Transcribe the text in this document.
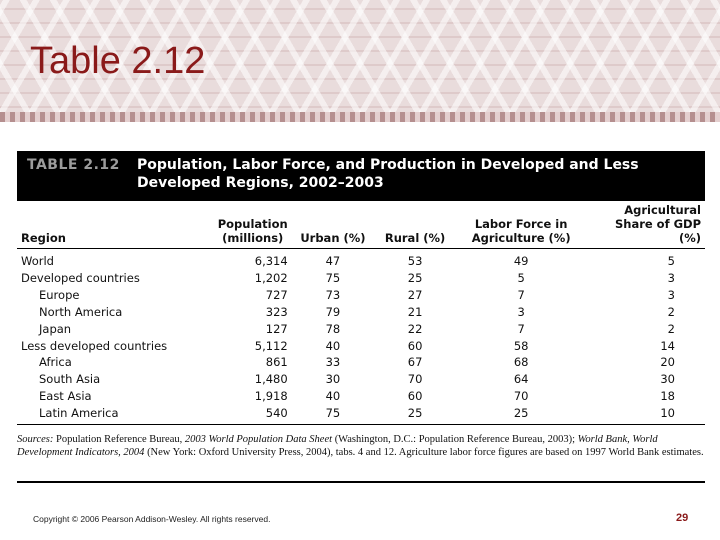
Table 2.12
TABLE 2.12 Population, Labor Force, and Production in Developed and Less Developed Regions, 2002–2003
Region	Population (millions)	Urban (%)	Rural (%)	Labor Force in Agriculture (%)	Agricultural Share of GDP (%)
World	6,314	47	53	49	5
Developed countries	1,202	75	25	5	3
Europe	727	73	27	7	3
North America	323	79	21	3	2
Japan	127	78	22	7	2
Less developed countries	5,112	40	60	58	14
Africa	861	33	67	68	20
South Asia	1,480	30	70	64	30
East Asia	1,918	40	60	70	18
Latin America	540	75	25	25	10

Sources: Population Reference Bureau, 2003 World Population Data Sheet (Washington, D.C.: Population Reference Bureau, 2003); World Bank, World Development Indicators, 2004 (New York: Oxford University Press, 2004), tabs. 4 and 12. Agriculture labor force figures are based on 1997 World Bank estimates.

Copyright © 2006 Pearson Addison-Wesley. All rights reserved.	29
